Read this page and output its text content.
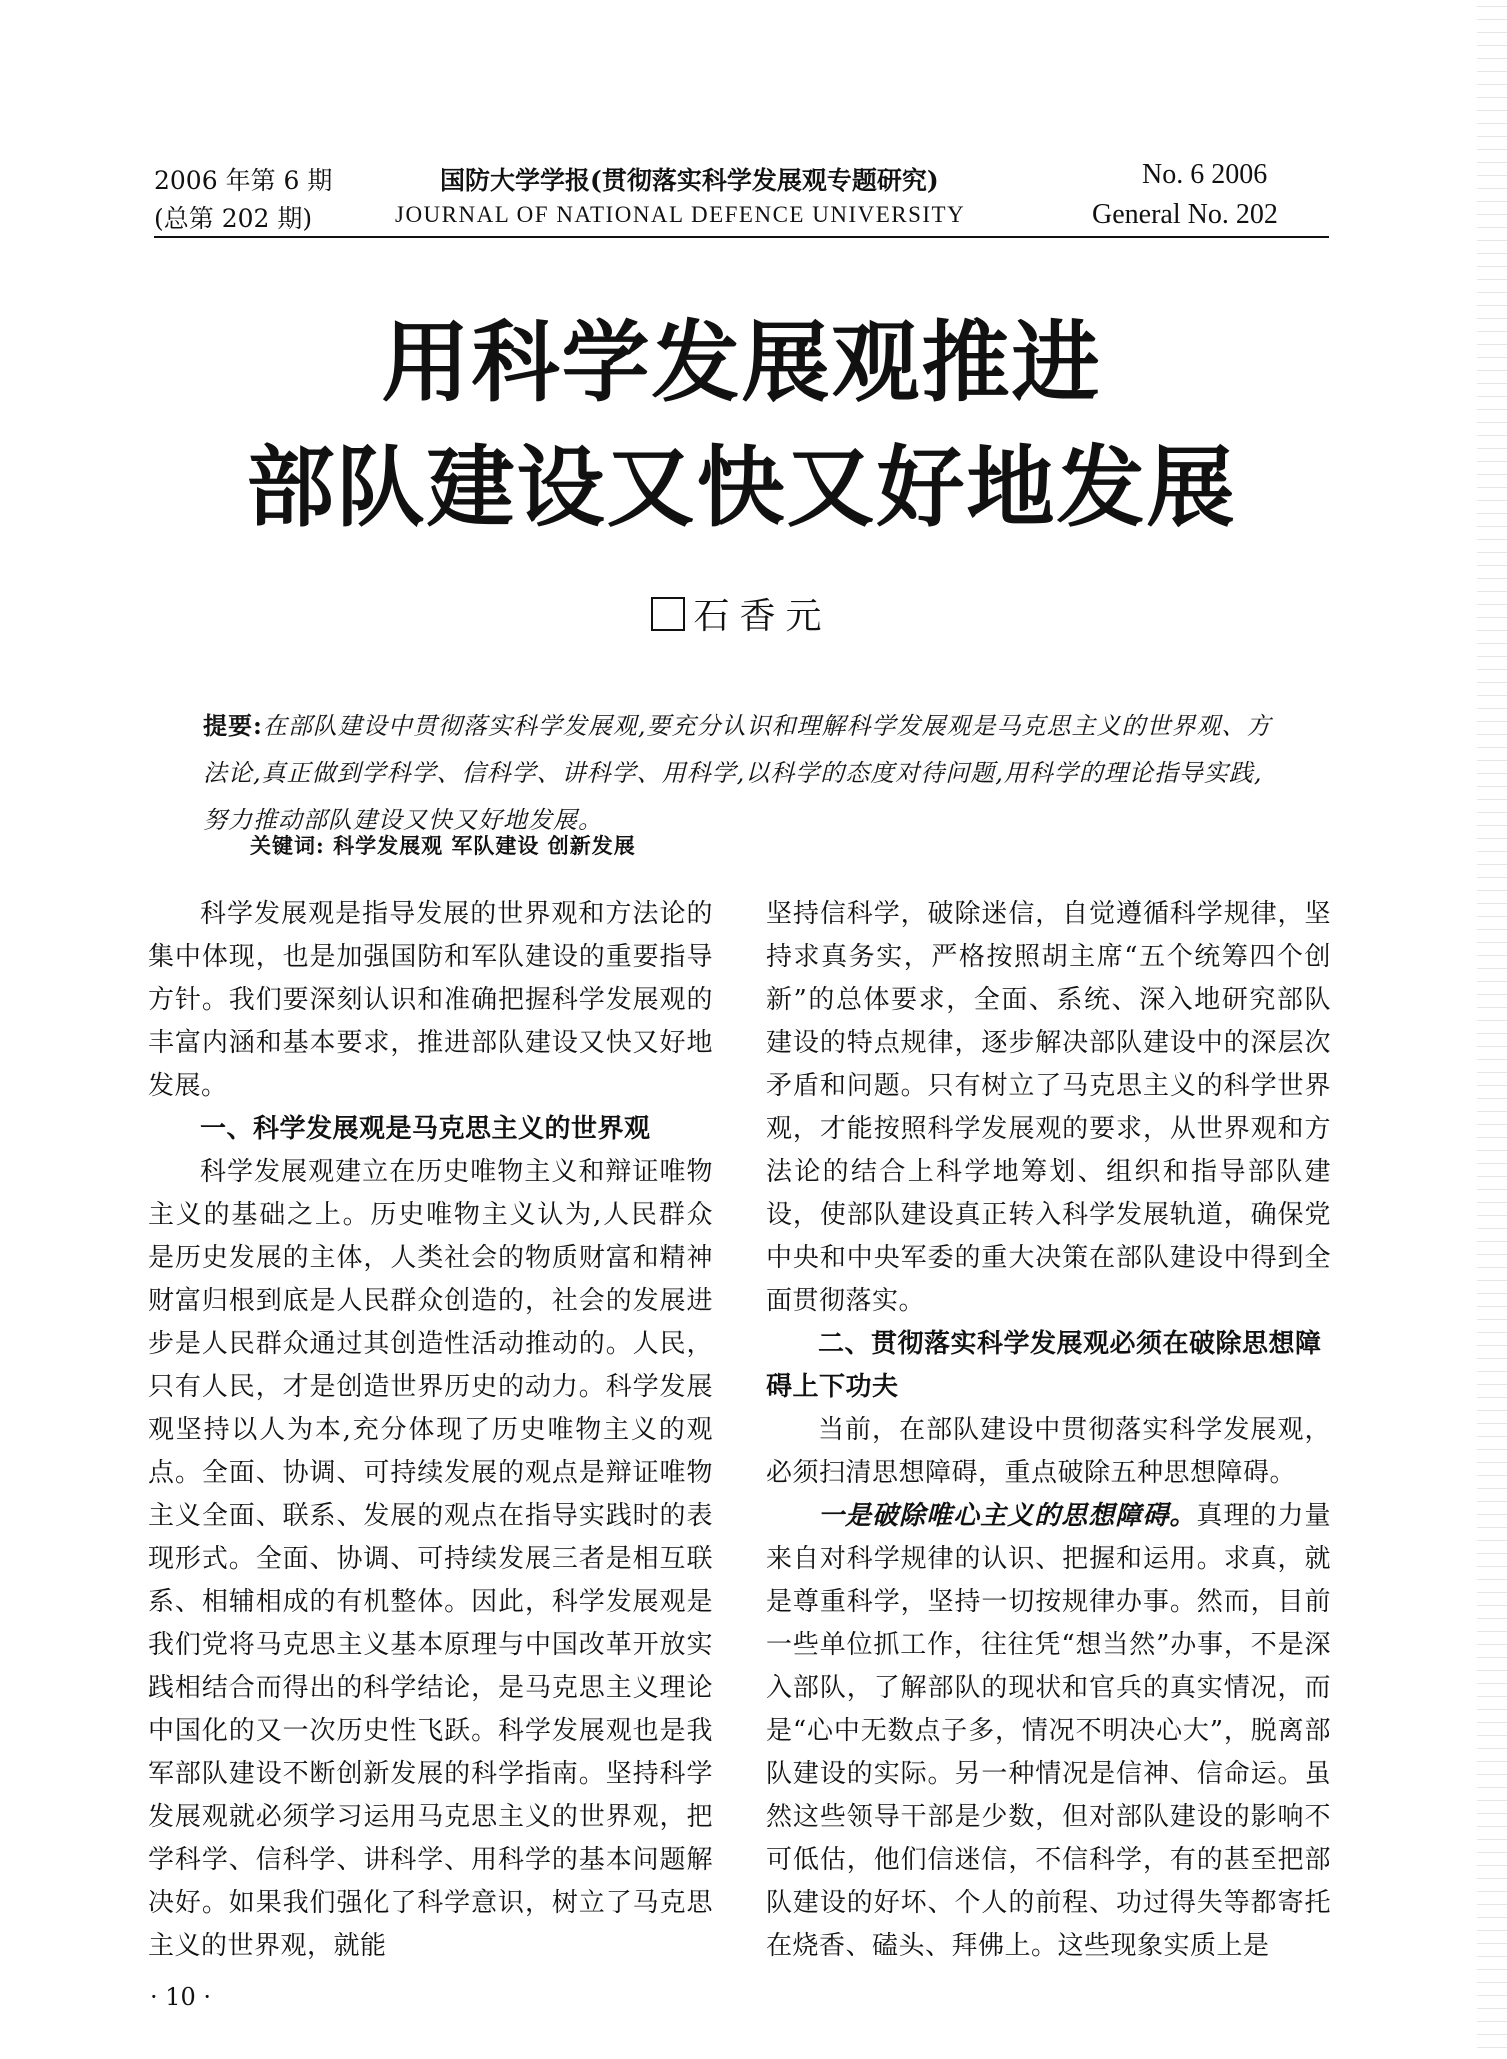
2006 年第 6 期
(总第 202 期)
国防大学学报(贯彻落实科学发展观专题研究)
JOURNAL OF NATIONAL DEFENCE UNIVERSITY
No. 6 2006
General No. 202
用科学发展观推进
部队建设又快又好地发展
石香元
提要:在部队建设中贯彻落实科学发展观,要充分认识和理解科学发展观是马克思主义的世界观、方法论,真正做到学科学、信科学、讲科学、用科学,以科学的态度对待问题,用科学的理论指导实践,努力推动部队建设又快又好地发展。
关键词: 科学发展观 军队建设 创新发展

科学发展观是指导发展的世界观和方法论的集中体现，也是加强国防和军队建设的重要指导方针。我们要深刻认识和准确把握科学发展观的丰富内涵和基本要求，推进部队建设又快又好地发展。

一、科学发展观是马克思主义的世界观

科学发展观建立在历史唯物主义和辩证唯物主义的基础之上。历史唯物主义认为,人民群众是历史发展的主体，人类社会的物质财富和精神财富归根到底是人民群众创造的，社会的发展进步是人民群众通过其创造性活动推动的。人民，只有人民，才是创造世界历史的动力。科学发展观坚持以人为本,充分体现了历史唯物主义的观点。全面、协调、可持续发展的观点是辩证唯物主义全面、联系、发展的观点在指导实践时的表现形式。全面、协调、可持续发展三者是相互联系、相辅相成的有机整体。因此，科学发展观是我们党将马克思主义基本原理与中国改革开放实践相结合而得出的科学结论，是马克思主义理论中国化的又一次历史性飞跃。科学发展观也是我军部队建设不断创新发展的科学指南。坚持科学发展观就必须学习运用马克思主义的世界观，把学科学、信科学、讲科学、用科学的基本问题解决好。如果我们强化了科学意识，树立了马克思主义的世界观，就能

坚持信科学，破除迷信，自觉遵循科学规律，坚持求真务实，严格按照胡主席“五个统筹四个创新”的总体要求，全面、系统、深入地研究部队建设的特点规律，逐步解决部队建设中的深层次矛盾和问题。只有树立了马克思主义的科学世界观，才能按照科学发展观的要求，从世界观和方法论的结合上科学地筹划、组织和指导部队建设，使部队建设真正转入科学发展轨道，确保党中央和中央军委的重大决策在部队建设中得到全面贯彻落实。

二、贯彻落实科学发展观必须在破除思想障碍上下功夫

当前，在部队建设中贯彻落实科学发展观，必须扫清思想障碍，重点破除五种思想障碍。

一是破除唯心主义的思想障碍。真理的力量来自对科学规律的认识、把握和运用。求真，就是尊重科学，坚持一切按规律办事。然而，目前一些单位抓工作，往往凭“想当然”办事，不是深入部队，了解部队的现状和官兵的真实情况，而是“心中无数点子多，情况不明决心大”，脱离部队建设的实际。另一种情况是信神、信命运。虽然这些领导干部是少数，但对部队建设的影响不可低估，他们信迷信，不信科学，有的甚至把部队建设的好坏、个人的前程、功过得失等都寄托在烧香、磕头、拜佛上。这些现象实质上是

· 10 ·
